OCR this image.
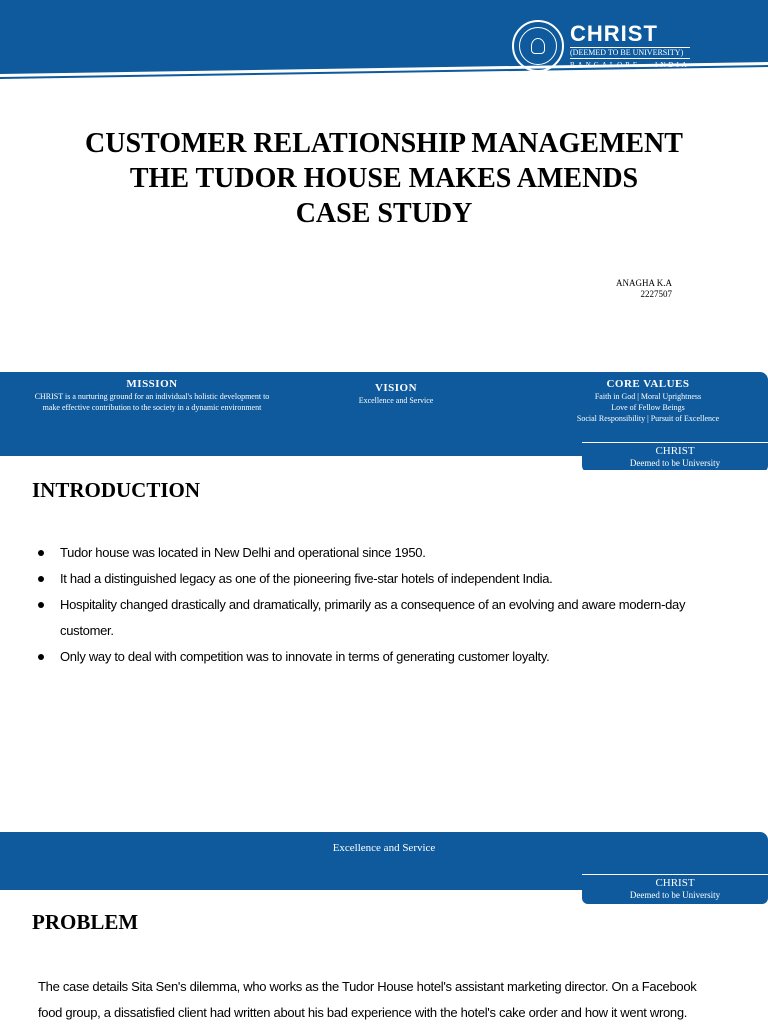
CHRIST
(DEEMED TO BE UNIVERSITY)
BANGALORE · INDIA
CUSTOMER RELATIONSHIP MANAGEMENT
THE TUDOR HOUSE MAKES AMENDS
CASE STUDY
ANAGHA K.A
2227507
MISSION
CHRIST is a nurturing ground for an individual's holistic development to
make effective contribution to the society in a dynamic environment
VISION
Excellence and Service
CORE VALUES
Faith in God | Moral Uprightness
Love of Fellow Beings
Social Responsibility | Pursuit of Excellence
CHRIST
Deemed to be University
INTRODUCTION
Tudor house was located in New Delhi and operational since 1950.
It had a distinguished legacy as one of the pioneering five-star hotels of independent India.
Hospitality changed drastically and dramatically, primarily as a consequence of an evolving and aware modern-day customer.
Only way to deal with competition was to innovate in terms of generating customer loyalty.
Excellence and Service
CHRIST
Deemed to be University
PROBLEM
The case details Sita Sen's dilemma, who works as the Tudor House hotel's assistant marketing director. On a Facebook
food group, a dissatisfied client had written about his bad experience with the hotel's cake order and how it went wrong.
